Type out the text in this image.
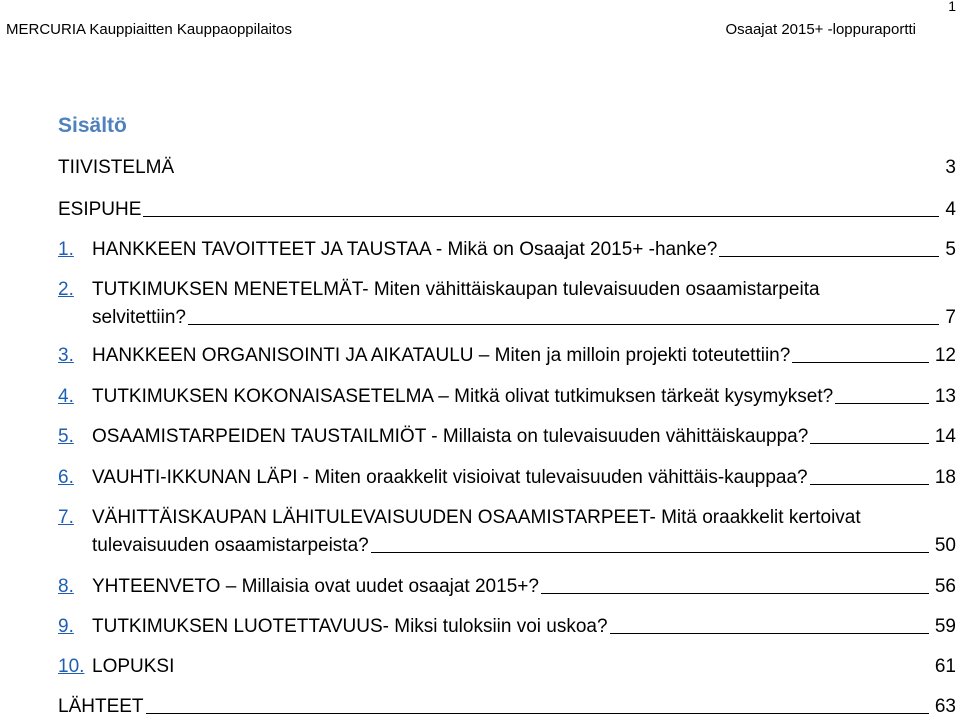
1
MERCURIA Kauppiaitten Kauppaoppilaitos	Osaajat 2015+ -loppuraportti
Sisältö
TIIVISTELMÄ	3
ESIPUHE	4
1. HANKKEEN TAVOITTEET JA TAUSTAA - Mikä on Osaajat 2015+ -hanke?	5
2. TUTKIMUKSEN MENETELMÄT- Miten vähittäiskaupan tulevaisuuden osaamistarpeita
selvitettiin?	7
3. HANKKEEN ORGANISOINTI JA AIKATAULU – Miten ja milloin projekti toteutettiin?	12
4. TUTKIMUKSEN KOKONAISASETELMA – Mitkä olivat tutkimuksen tärkeät kysymykset?	13
5. OSAAMISTARPEIDEN TAUSTAILMIÖT - Millaista on tulevaisuuden vähittäiskauppa?	14
6. VAUHTI-IKKUNAN LÄPI - Miten oraakkelit visioivat tulevaisuuden vähittäis-kauppaa?	18
7. VÄHITTÄISKAUPAN LÄHITULEVAISUUDEN OSAAMISTARPEET- Mitä oraakkelit kertoivat
tulevaisuuden osaamistarpeista?	50
8. YHTEENVETO – Millaisia ovat uudet osaajat 2015+?	56
9. TUTKIMUKSEN LUOTETTAVUUS- Miksi tuloksiin voi uskoa?	59
10. LOPUKSI	61
LÄHTEET	63
